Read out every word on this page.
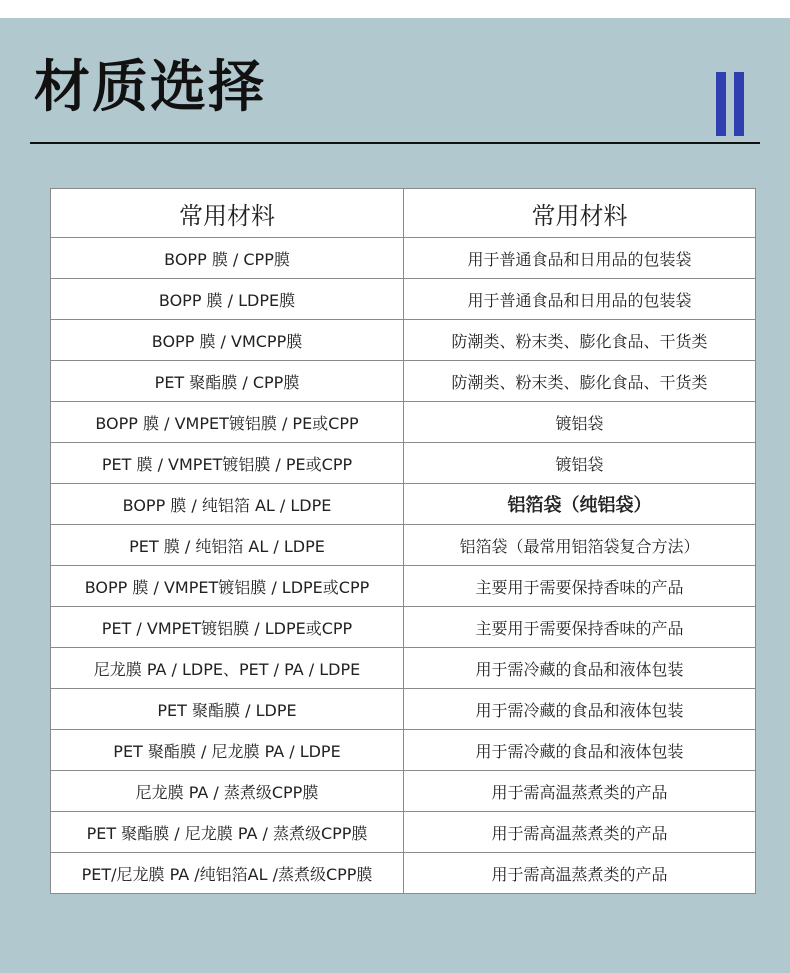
材质选择
常用材料	常用材料
BOPP 膜 / CPP膜	用于普通食品和日用品的包装袋
BOPP 膜 / LDPE膜	用于普通食品和日用品的包装袋
BOPP 膜 / VMCPP膜	防潮类、粉末类、膨化食品、干货类
PET 聚酯膜 / CPP膜	防潮类、粉末类、膨化食品、干货类
BOPP 膜 / VMPET镀铝膜 / PE或CPP	镀铝袋
PET 膜 / VMPET镀铝膜 / PE或CPP	镀铝袋
BOPP 膜 / 纯铝箔 AL / LDPE	铝箔袋（纯铝袋）
PET 膜 / 纯铝箔 AL / LDPE	铝箔袋（最常用铝箔袋复合方法）
BOPP 膜 / VMPET镀铝膜 / LDPE或CPP	主要用于需要保持香味的产品
PET / VMPET镀铝膜 / LDPE或CPP	主要用于需要保持香味的产品
尼龙膜 PA / LDPE、PET / PA / LDPE	用于需冷藏的食品和液体包装
PET 聚酯膜 / LDPE	用于需冷藏的食品和液体包装
PET 聚酯膜 / 尼龙膜 PA / LDPE	用于需冷藏的食品和液体包装
尼龙膜 PA / 蒸煮级CPP膜	用于需高温蒸煮类的产品
PET 聚酯膜 / 尼龙膜 PA / 蒸煮级CPP膜	用于需高温蒸煮类的产品
PET/尼龙膜 PA /纯铝箔AL /蒸煮级CPP膜	用于需高温蒸煮类的产品
